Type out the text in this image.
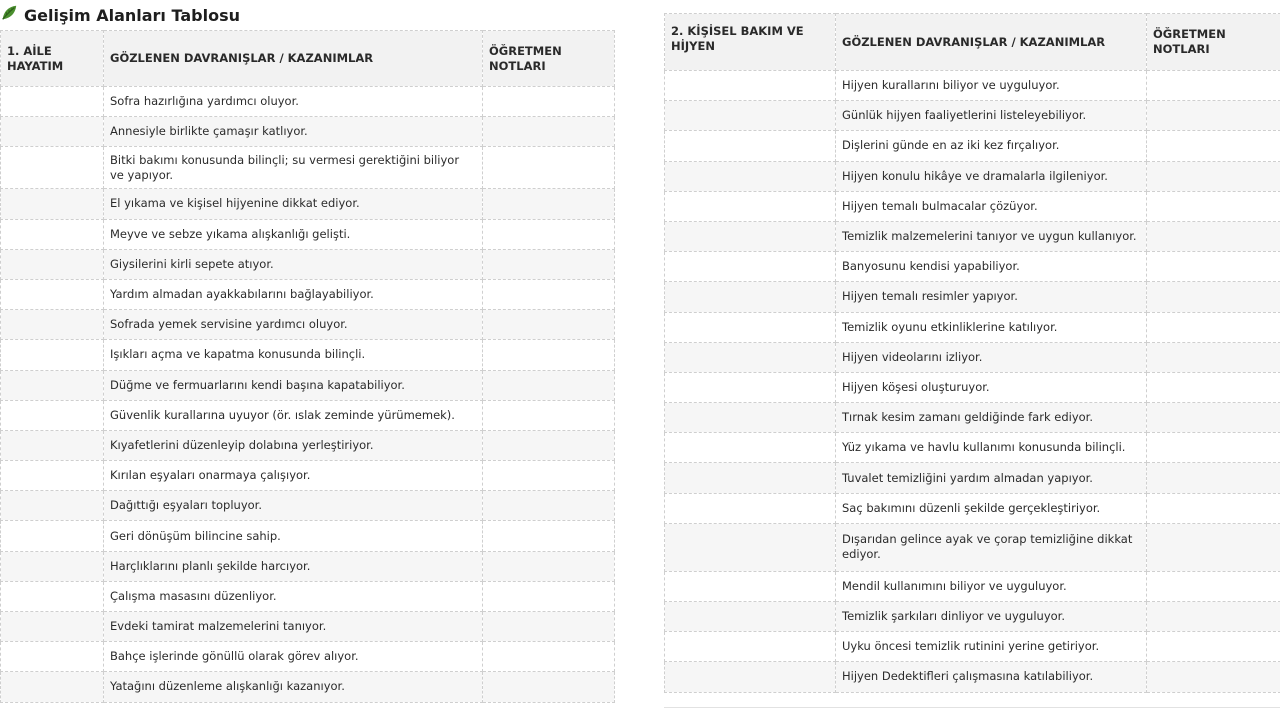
Gelişim Alanları Tablosu
1. AİLE HAYATIM	GÖZLENEN DAVRANIŞLAR / KAZANIMLAR	ÖĞRETMEN NOTLARI
	Sofra hazırlığına yardımcı oluyor.	
	Annesiyle birlikte çamaşır katlıyor.	
	Bitki bakımı konusunda bilinçli; su vermesi gerektiğini biliyor ve yapıyor.	
	El yıkama ve kişisel hijyenine dikkat ediyor.	
	Meyve ve sebze yıkama alışkanlığı gelişti.	
	Giysilerini kirli sepete atıyor.	
	Yardım almadan ayakkabılarını bağlayabiliyor.	
	Sofrada yemek servisine yardımcı oluyor.	
	Işıkları açma ve kapatma konusunda bilinçli.	
	Düğme ve fermuarlarını kendi başına kapatabiliyor.	
	Güvenlik kurallarına uyuyor (ör. ıslak zeminde yürümemek).	
	Kıyafetlerini düzenleyip dolabına yerleştiriyor.	
	Kırılan eşyaları onarmaya çalışıyor.	
	Dağıttığı eşyaları topluyor.	
	Geri dönüşüm bilincine sahip.	
	Harçlıklarını planlı şekilde harcıyor.	
	Çalışma masasını düzenliyor.	
	Evdeki tamirat malzemelerini tanıyor.	
	Bahçe işlerinde gönüllü olarak görev alıyor.	
	Yatağını düzenleme alışkanlığı kazanıyor.	
2. KİŞİSEL BAKIM VE HİJYEN	GÖZLENEN DAVRANIŞLAR / KAZANIMLAR	ÖĞRETMEN NOTLARI
	Hijyen kurallarını biliyor ve uyguluyor.	
	Günlük hijyen faaliyetlerini listeleyebiliyor.	
	Dişlerini günde en az iki kez fırçalıyor.	
	Hijyen konulu hikâye ve dramalarla ilgileniyor.	
	Hijyen temalı bulmacalar çözüyor.	
	Temizlik malzemelerini tanıyor ve uygun kullanıyor.	
	Banyosunu kendisi yapabiliyor.	
	Hijyen temalı resimler yapıyor.	
	Temizlik oyunu etkinliklerine katılıyor.	
	Hijyen videolarını izliyor.	
	Hijyen köşesi oluşturuyor.	
	Tırnak kesim zamanı geldiğinde fark ediyor.	
	Yüz yıkama ve havlu kullanımı konusunda bilinçli.	
	Tuvalet temizliğini yardım almadan yapıyor.	
	Saç bakımını düzenli şekilde gerçekleştiriyor.	
	Dışarıdan gelince ayak ve çorap temizliğine dikkat ediyor.	
	Mendil kullanımını biliyor ve uyguluyor.	
	Temizlik şarkıları dinliyor ve uyguluyor.	
	Uyku öncesi temizlik rutinini yerine getiriyor.	
	Hijyen Dedektifleri çalışmasına katılabiliyor.	
